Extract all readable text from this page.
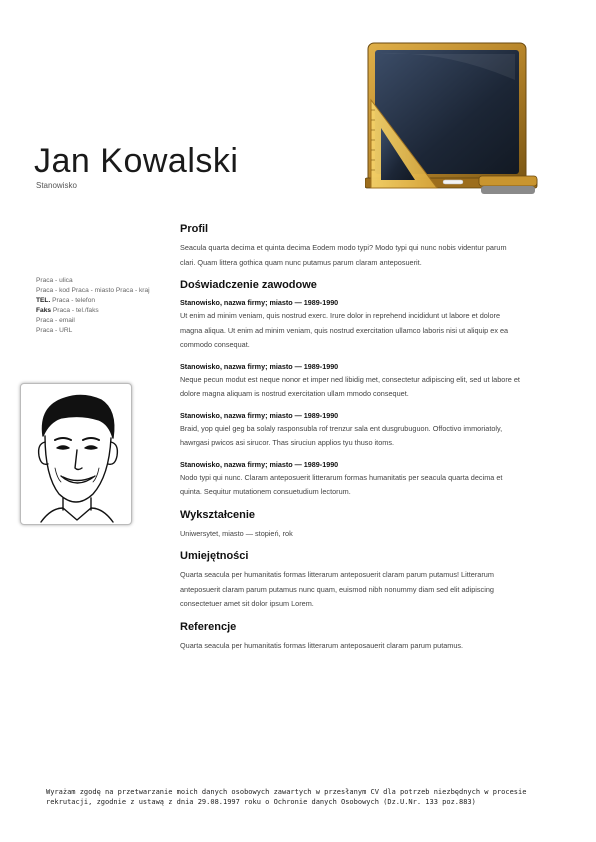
Jan Kowalski
Stanowisko
Praca - ulica
Praca - kod Praca - miasto Praca - kraj
TEL. Praca - telefon
Faks Praca - tel./faks
Praca - email
Praca - URL
Profil

Seacula quarta decima et quinta decima Eodem modo typi? Modo typi qui nunc nobis videntur parum clari. Quam littera gothica quam nunc putamus parum claram anteposuerit.

Doświadczenie zawodowe

Stanowisko, nazwa firmy; miasto — 1989-1990

Ut enim ad minim veniam, quis nostrud exerc. Irure dolor in reprehend incididunt ut labore et dolore magna aliqua. Ut enim ad minim veniam, quis nostrud exercitation ullamco laboris nisi ut aliquip ex ea commodo consequat.

Stanowisko, nazwa firmy; miasto — 1989-1990

Neque pecun modut est neque nonor et imper ned libidig met, consectetur adipiscing elit, sed ut labore et dolore magna aliquam is nostrud exercitation ullam mmodo consequet.

Stanowisko, nazwa firmy; miasto — 1989-1990

Braid, yop quiel geg ba solaly rasponsubla rof trenzur sala ent dusgrubuguon. Offoctivo immoriatoly, hawrgasi pwicos asi sirucor. Thas siruciun applios tyu thuso itoms.

Stanowisko, nazwa firmy; miasto — 1989-1990

Nodo typi qui nunc. Claram anteposuerit litterarum formas humanitatis per seacula quarta decima et quinta. Sequitur mutationem consuetudium lectorum.

Wykształcenie

Uniwersytet, miasto — stopień, rok

Umiejętności

Quarta seacula per humanitatis formas litterarum anteposuerit claram parum putamus! Litterarum anteposuerit claram parum putamus nunc quam, euismod nibh nonummy diam sed elit adipiscing consectetuer amet sit dolor ipsum Lorem.

Referencje

Quarta seacula per humanitatis formas litterarum anteposauerit claram parum putamus.

Wyrażam zgodę na przetwarzanie moich danych osobowych zawartych w przesłanym CV dla potrzeb niezbędnych w procesie rekrutacji, zgodnie z ustawą z dnia 29.08.1997 roku o Ochronie danych Osobowych (Dz.U.Nr. 133 poz.883)
